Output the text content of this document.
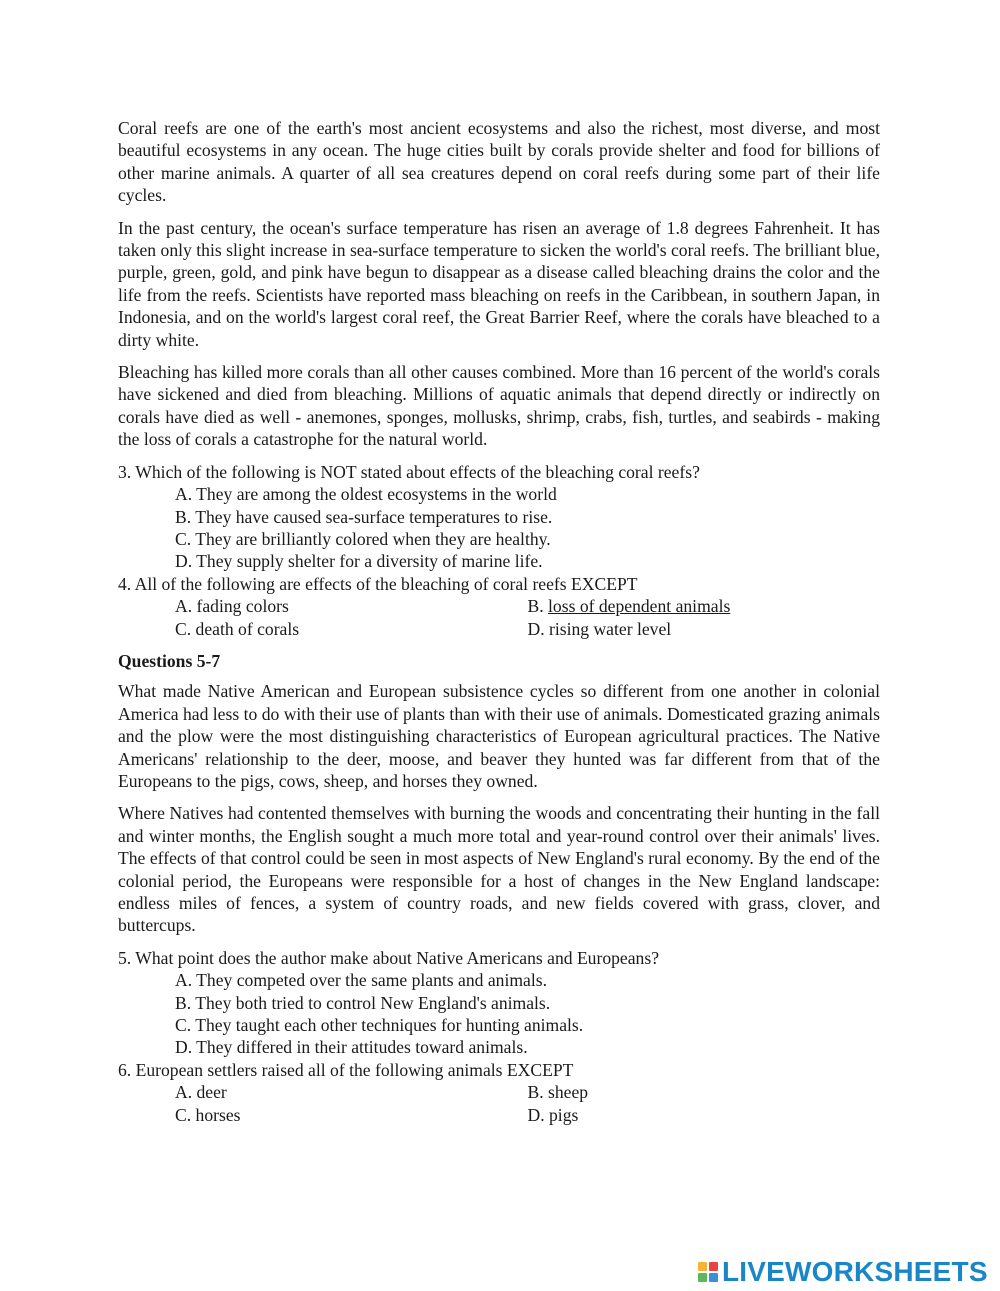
Coral reefs are one of the earth's most ancient ecosystems and also the richest, most diverse, and most beautiful ecosystems in any ocean. The huge cities built by corals provide shelter and food for billions of other marine animals. A quarter of all sea creatures depend on coral reefs during some part of their life cycles.

In the past century, the ocean's surface temperature has risen an average of 1.8 degrees Fahrenheit. It has taken only this slight increase in sea-surface temperature to sicken the world's coral reefs. The brilliant blue, purple, green, gold, and pink have begun to disappear as a disease called bleaching drains the color and the life from the reefs. Scientists have reported mass bleaching on reefs in the Caribbean, in southern Japan, in Indonesia, and on the world's largest coral reef, the Great Barrier Reef, where the corals have bleached to a dirty white.

Bleaching has killed more corals than all other causes combined. More than 16 percent of the world's corals have sickened and died from bleaching. Millions of aquatic animals that depend directly or indirectly on corals have died as well - anemones, sponges, mollusks, shrimp, crabs, fish, turtles, and seabirds - making the loss of corals a catastrophe for the natural world.

3. Which of the following is NOT stated about effects of the bleaching coral reefs?

A. They are among the oldest ecosystems in the world

B. They have caused sea-surface temperatures to rise.

C. They are brilliantly colored when they are healthy.

D. They supply shelter for a diversity of marine life.

4. All of the following are effects of the bleaching of coral reefs EXCEPT

A. fading colors	B. loss of dependent animals
C. death of corals	D. rising water level

Questions 5-7

What made Native American and European subsistence cycles so different from one another in colonial America had less to do with their use of plants than with their use of animals. Domesticated grazing animals and the plow were the most distinguishing characteristics of European agricultural practices. The Native Americans' relationship to the deer, moose, and beaver they hunted was far different from that of the Europeans to the pigs, cows, sheep, and horses they owned.

Where Natives had contented themselves with burning the woods and concentrating their hunting in the fall and winter months, the English sought a much more total and year-round control over their animals' lives. The effects of that control could be seen in most aspects of New England's rural economy. By the end of the colonial period, the Europeans were responsible for a host of changes in the New England landscape: endless miles of fences, a system of country roads, and new fields covered with grass, clover, and buttercups.

5. What point does the author make about Native Americans and Europeans?

A. They competed over the same plants and animals.

B. They both tried to control New England's animals.

C. They taught each other techniques for hunting animals.

D. They differed in their attitudes toward animals.

6. European settlers raised all of the following animals EXCEPT

A. deer	B. sheep
C. horses	D. pigs
LIVEWORKSHEETS
